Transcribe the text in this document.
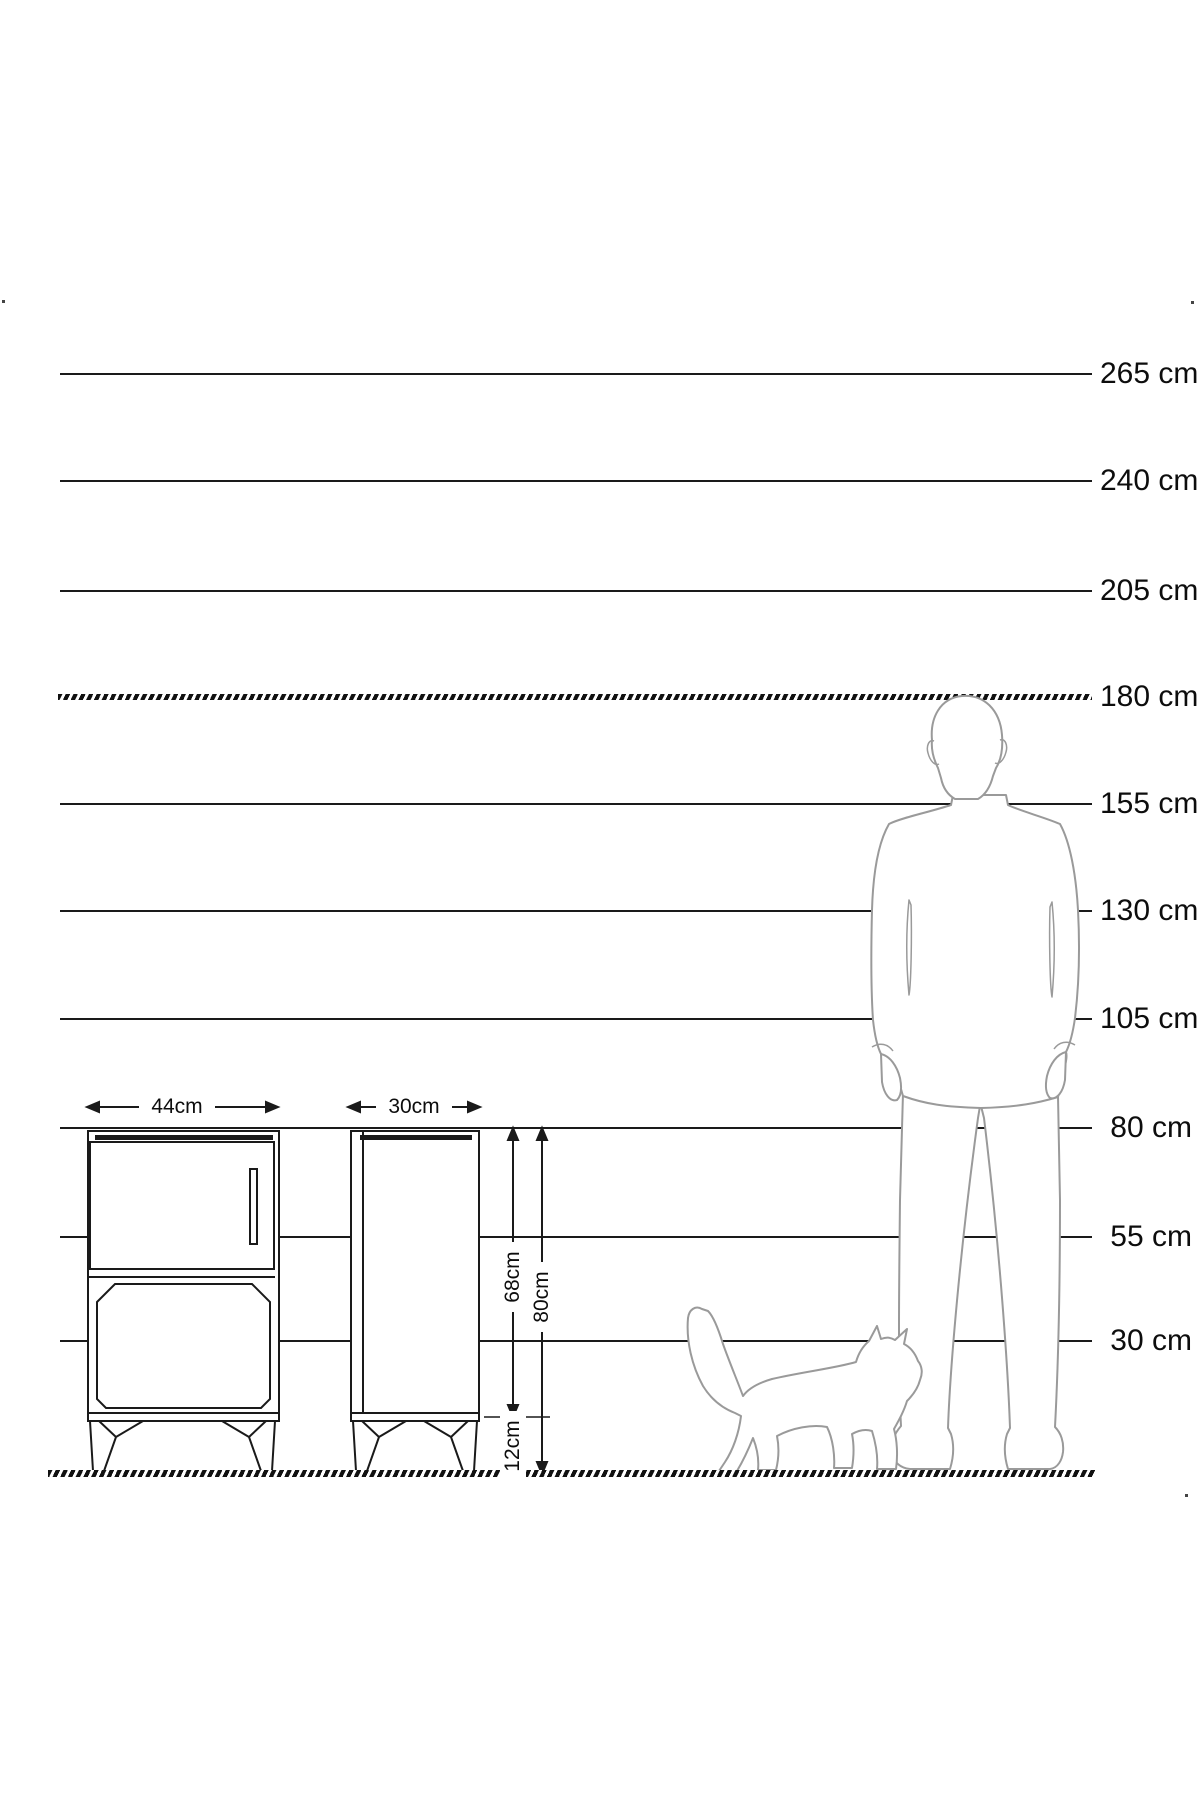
265 cm
240 cm
205 cm
180 cm
155 cm
130 cm
105 cm
80 cm
55 cm
30 cm
44cm	30cm
68cm 80cm
12cm
